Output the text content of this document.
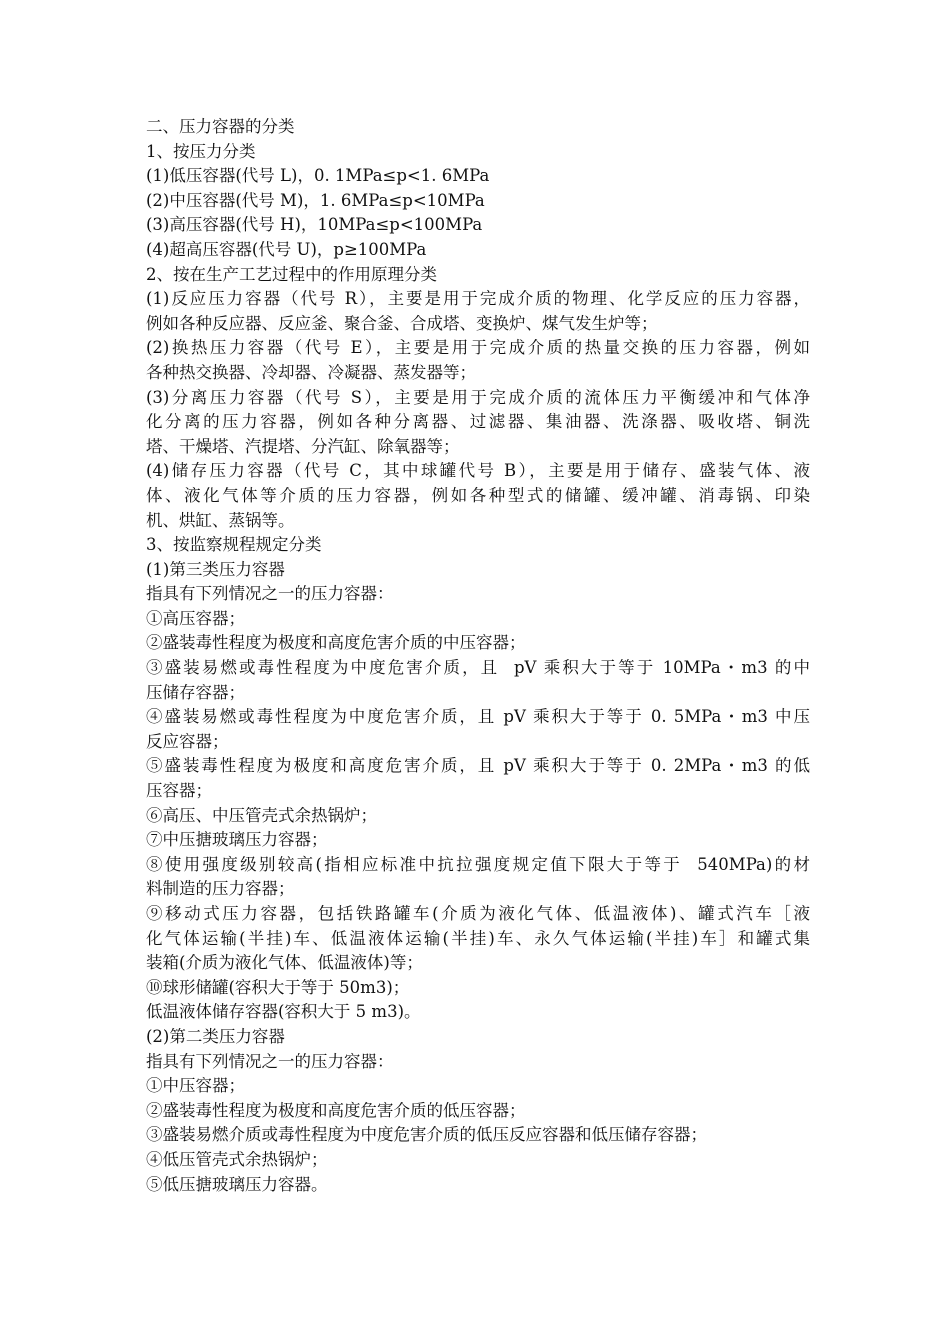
二、压力容器的分类
1、按压力分类
(1)低压容器(代号 L)，0. 1MPa≤p<1. 6MPa
(2)中压容器(代号 M)，1. 6MPa≤p<10MPa
(3)高压容器(代号 H)，10MPa≤p<100MPa
(4)超高压容器(代号 U)，p≥100MPa
2、按在生产工艺过程中的作用原理分类
(1)反应压力容器（代号 R），主要是用于完成介质的物理、化学反应的压力容器，
例如各种反应器、反应釜、聚合釜、合成塔、变换炉、煤气发生炉等；
(2)换热压力容器（代号 E），主要是用于完成介质的热量交换的压力容器，例如
各种热交换器、冷却器、冷凝器、蒸发器等；
(3)分离压力容器（代号 S），主要是用于完成介质的流体压力平衡缓冲和气体净
化分离的压力容器，例如各种分离器、过滤器、集油器、洗涤器、吸收塔、铜洗
塔、干燥塔、汽提塔、分汽缸、除氧器等；
(4)储存压力容器（代号 C，其中球罐代号 B），主要是用于储存、盛装气体、液
体、液化气体等介质的压力容器，例如各种型式的储罐、缓冲罐、消毒锅、印染
机、烘缸、蒸锅等。
3、按监察规程规定分类
(1)第三类压力容器
指具有下列情况之一的压力容器：
①高压容器；
②盛装毒性程度为极度和高度危害介质的中压容器；
③盛装易燃或毒性程度为中度危害介质，且  pV 乘积大于等于 10MPa・m3 的中
压储存容器；
④盛装易燃或毒性程度为中度危害介质，且 pV 乘积大于等于 0. 5MPa・m3 中压
反应容器；
⑤盛装毒性程度为极度和高度危害介质，且 pV 乘积大于等于 0. 2MPa・m3 的低
压容器；
⑥高压、中压管壳式余热锅炉；
⑦中压搪玻璃压力容器；
⑧使用强度级别较高(指相应标准中抗拉强度规定值下限大于等于  540MPa)的材
料制造的压力容器；
⑨移动式压力容器，包括铁路罐车(介质为液化气体、低温液体)、罐式汽车［液
化气体运输(半挂)车、低温液体运输(半挂)车、永久气体运输(半挂)车］和罐式集
装箱(介质为液化气体、低温液体)等；
⑩球形储罐(容积大于等于 50m3)；
低温液体储存容器(容积大于 5 m3)。
(2)第二类压力容器
指具有下列情况之一的压力容器：
①中压容器；
②盛装毒性程度为极度和高度危害介质的低压容器；
③盛装易燃介质或毒性程度为中度危害介质的低压反应容器和低压储存容器；
④低压管壳式余热锅炉；
⑤低压搪玻璃压力容器。
